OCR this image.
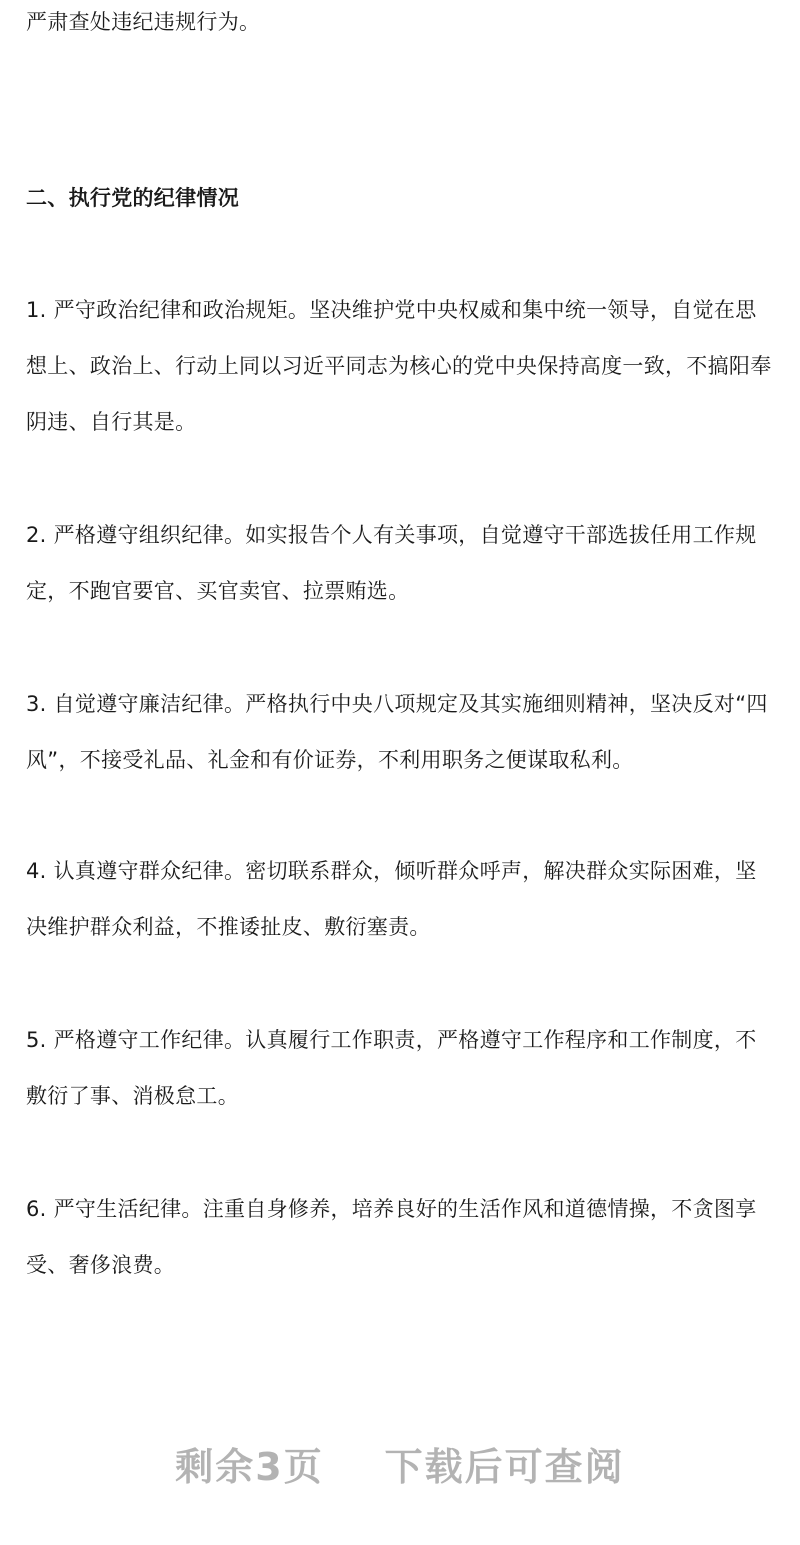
严肃查处违纪违规行为。

二、执行党的纪律情况

1. 严守政治纪律和政治规矩。坚决维护党中央权威和集中统一领导，自觉在思想上、政治上、行动上同以习近平同志为核心的党中央保持高度一致，不搞阳奉阴违、自行其是。

2. 严格遵守组织纪律。如实报告个人有关事项，自觉遵守干部选拔任用工作规定，不跑官要官、买官卖官、拉票贿选。

3. 自觉遵守廉洁纪律。严格执行中央八项规定及其实施细则精神，坚决反对“四风”，不接受礼品、礼金和有价证券，不利用职务之便谋取私利。

4. 认真遵守群众纪律。密切联系群众，倾听群众呼声，解决群众实际困难，坚决维护群众利益，不推诿扯皮、敷衍塞责。

5. 严格遵守工作纪律。认真履行工作职责，严格遵守工作程序和工作制度，不敷衍了事、消极怠工。

6. 严守生活纪律。注重自身修养，培养良好的生活作风和道德情操，不贪图享受、奢侈浪费。

剩余3页 下载后可查阅
